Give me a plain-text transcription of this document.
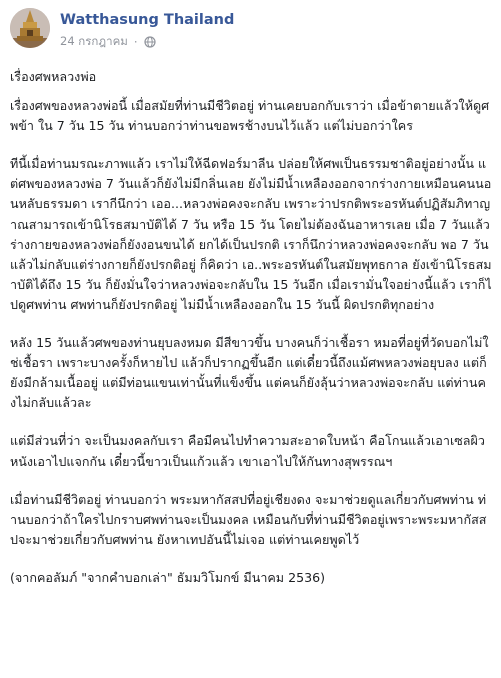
Watthasung Thailand
24 กรกฎาคม ·

เรื่องศพหลวงพ่อ

เรื่องศพของหลวงพ่อนี้ เมื่อสมัยที่ท่านมีชีวิตอยู่ ท่านเคยบอกกับเราว่า เมื่อข้าตายแล้วให้ดูศพข้า ใน 7 วัน 15 วัน ท่านบอกว่าท่านขอพรช้างบนไว้แล้ว แต่ไม่บอกว่าใคร

ทีนี้เมื่อท่านมรณะภาพแล้ว เราไม่ให้ฉีดฟอร์มาลีน ปล่อยให้ศพเป็นธรรมชาติอยู่อย่างนั้น แต่ศพของหลวงพ่อ 7 วันแล้วก็ยังไม่มีกลิ่นเลย ยังไม่มีน้ำเหลืองออกจากร่างกายเหมือนคนนอนหลับธรรมดา เรากีนึกว่า เออ...หลวงพ่อคงจะกลับ เพราะว่าปรกติพระอรหันต์ปฏิสัมภิทาญาณสามารถเข้านิโรธสมาบัติได้ 7 วัน หรือ 15 วัน โดยไม่ต้องฉันอาหารเลย เมื่อ 7 วันแล้วร่างกายของหลวงพ่อก็ยังงอนขนได้ ยกได้เป็นปรกติ เราก็นึกว่าหลวงพ่อคงจะกลับ พอ 7 วันแล้วไม่กลับแต่ร่างกายก็ยังปรกติอยู่ ก็คิดว่า เอ..พระอรหันต์ในสมัยพุทธกาล ยังเข้านิโรธสมาบัติได้ถึง 15 วัน ก็ยังมั่นใจว่าหลวงพ่อจะกลับใน 15 วันอีก เมื่อเรามั่นใจอย่างนี้แล้ว เราก็ไปดูศพท่าน ศพท่านก็ยังปรกติอยู่ ไม่มีน้ำเหลืองออกใน 15 วันนี้ ผิดปรกติทุกอย่าง

หลัง 15 วันแล้วศพของท่านยุบลงหมด มีสีขาวขึ้น บางคนก็ว่าเชื้อรา หมอที่อยู่ที่วัดบอกไม่ใช่เชื้อรา เพราะบางครั้งก็หายไป แล้วก็ปรากฏขึ้นอีก แต่เดี๋ยวนี้ถึงแม้ศพหลวงพ่อยุบลง แต่ก็ยังมีกล้ามเนื้ออยู่ แต่มีท่อนแขนเท่านั้นที่แข็งขึ้น แต่คนก็ยังลุ้นว่าหลวงพ่อจะกลับ แต่ท่านคงไม่กลับแล้วละ

แต่มีส่วนที่ว่า จะเป็นมงคลกับเรา คือมีคนไปทำความสะอาดใบหน้า คือโกนแล้วเอาเซลผิวหนังเอาไปแจกกัน เดี๋ยวนี้ขาวเป็นแก้วแล้ว เขาเอาไปให้กันทางสุพรรณฯ

เมื่อท่านมีชีวิตอยู่ ท่านบอกว่า พระมหากัสสปที่อยู่เชียงดง จะมาช่วยดูแลเกี่ยวกับศพท่าน ท่านบอกว่าถ้าใครไปกราบศพท่านจะเป็นมงคล เหมือนกับที่ท่านมีชีวิตอยู่เพราะพระมหากัสสปจะมาช่วยเกี่ยวกับศพท่าน ยังหาเทปอันนี้ไม่เจอ แต่ท่านเคยพูดไว้

(จากคอลัมภ์ "จากคำบอกเล่า" ธัมมวิโมกข์ มีนาคม 2536)
